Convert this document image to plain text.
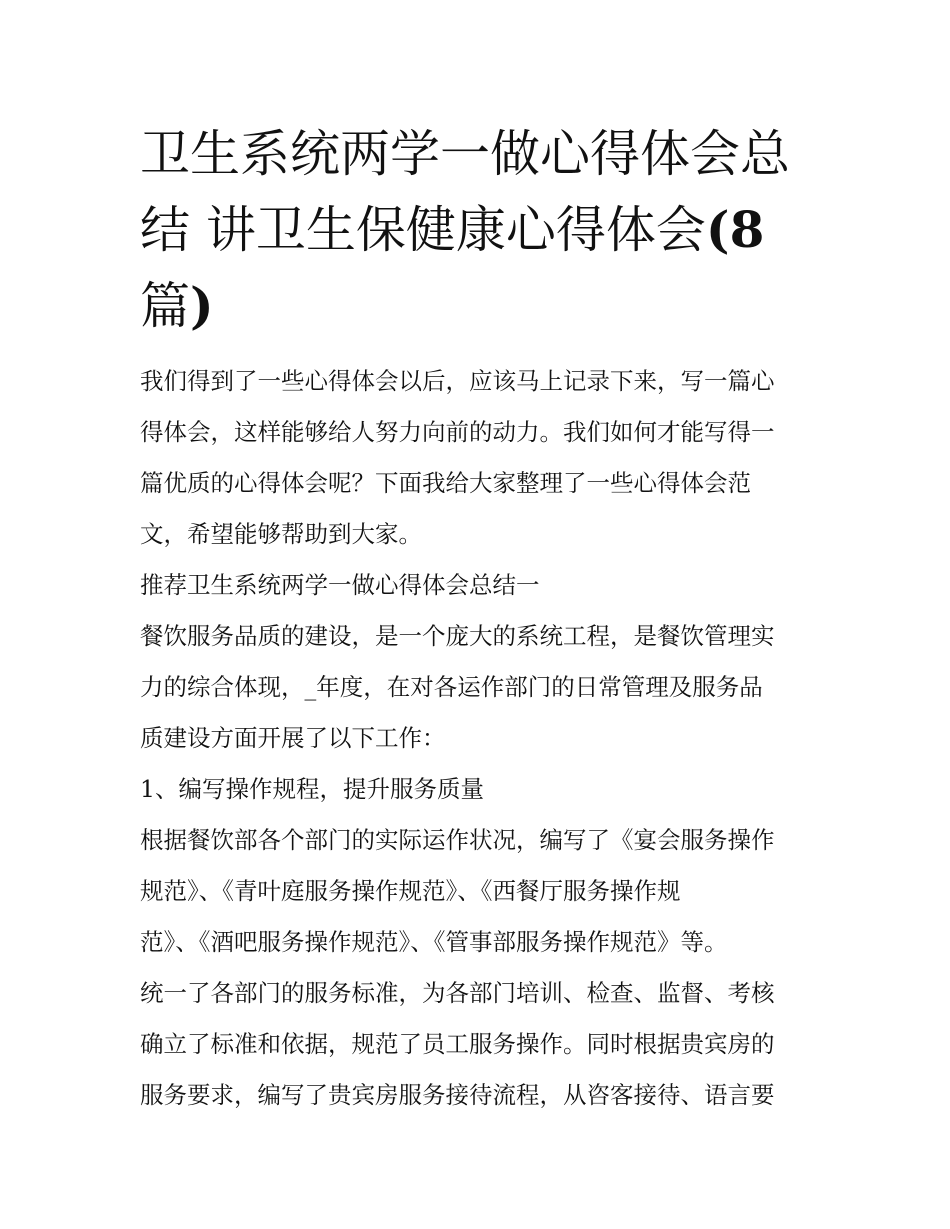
卫生系统两学一做心得体会总
结 讲卫生保健康心得体会(8
篇)
我们得到了一些心得体会以后，应该马上记录下来，写一篇心
得体会，这样能够给人努力向前的动力。我们如何才能写得一
篇优质的心得体会呢？下面我给大家整理了一些心得体会范
文，希望能够帮助到大家。
推荐卫生系统两学一做心得体会总结一
餐饮服务品质的建设，是一个庞大的系统工程，是餐饮管理实
力的综合体现，_年度，在对各运作部门的日常管理及服务品
质建设方面开展了以下工作：
1、编写操作规程，提升服务质量
根据餐饮部各个部门的实际运作状况，编写了《宴会服务操作
规范》、《青叶庭服务操作规范》、《西餐厅服务操作规
范》、《酒吧服务操作规范》、《管事部服务操作规范》等。
统一了各部门的服务标准，为各部门培训、检查、监督、考核
确立了标准和依据，规范了员工服务操作。同时根据贵宾房的
服务要求，编写了贵宾房服务接待流程，从咨客接待、语言要
